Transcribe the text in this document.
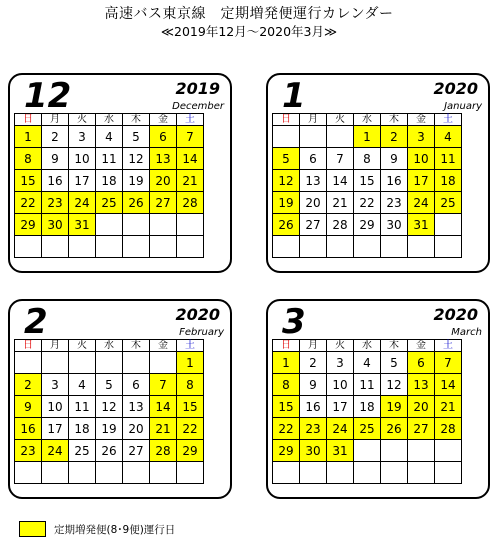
高速バス東京線　定期増発便運行カレンダー
≪2019年12月〜2020年3月≫
12	2019
December
日	月	火	水	木	金	土
1	2	3	4	5	6	7
8	9	10	11	12	13	14
15	16	17	18	19	20	21
22	23	24	25	26	27	28
29	30	31				

1	2020
January
日	月	火	水	木	金	土
			1	2	3	4
5	6	7	8	9	10	11
12	13	14	15	16	17	18
19	20	21	22	23	24	25
26	27	28	29	30	31	

2	2020
February
日	月	火	水	木	金	土
						1
2	3	4	5	6	7	8
9	10	11	12	13	14	15
16	17	18	19	20	21	22
23	24	25	26	27	28	29

3	2020
March
日	月	火	水	木	金	土
1	2	3	4	5	6	7
8	9	10	11	12	13	14
15	16	17	18	19	20	21
22	23	24	25	26	27	28
29	30	31				

定期増発便(8･9便)運行日
